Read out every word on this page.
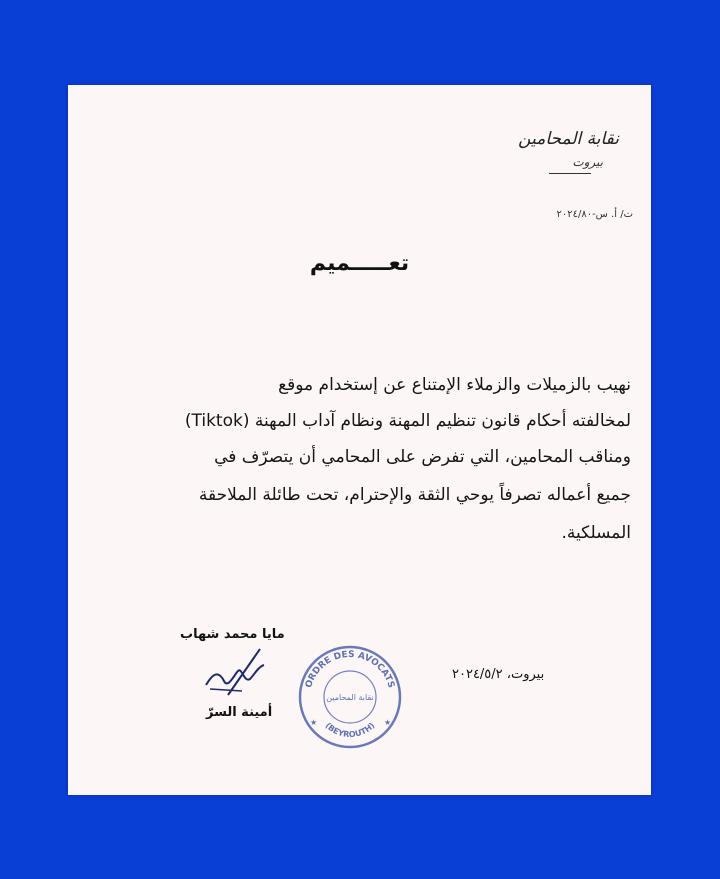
نقابة المحامين
بيروت
ت/ أ. س-٢٠٢٤/٨٠
تعـــــميم
نهيب بالزميلات والزملاء الإمتناع عن إستخدام موقع
(Tiktok) لمخالفته أحكام قانون تنظيم المهنة ونظام آداب المهنة
ومناقب المحامين، التي تفرض على المحامي أن يتصرّف في
جميع أعماله تصرفاً يوحي الثقة والإحترام، تحت طائلة الملاحقة
المسلكية.
مايا محمد شهاب
ORDRE DES AVOCATS
(BEYROUTH)
نقابة المحامين
★	★
بيروت، ٢٠٢٤/٥/٢
أمينة السرّ
